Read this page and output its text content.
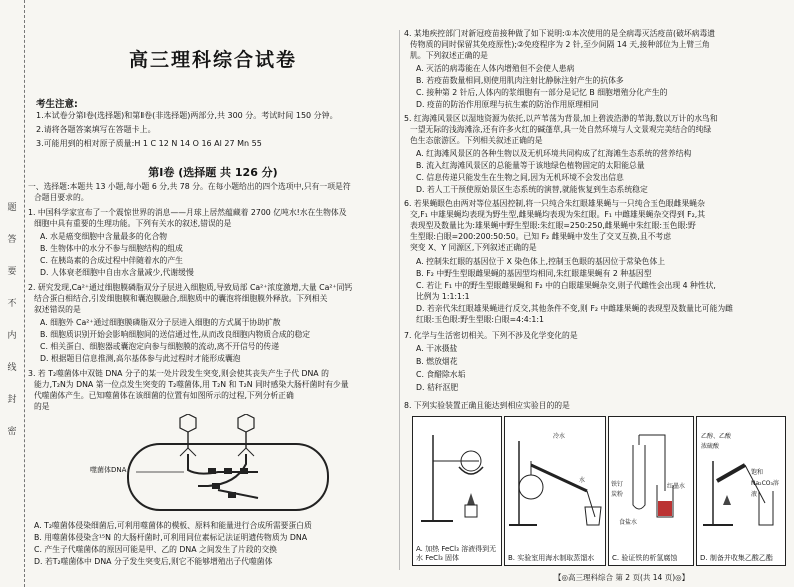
题
答
要
不
内
线
封
密
高三理科综合试卷
考生注意:
1.本试卷分第Ⅰ卷(选择题)和第Ⅱ卷(非选择题)两部分,共 300 分。考试时间 150 分钟。
2.请将各题答案填写在答题卡上。
3.可能用到的相对原子质量:H 1 C 12 N 14 O 16 Al 27 Mn 55
第Ⅰ卷 (选择题 共 126 分)
一、选择题:本题共 13 小题,每小题 6 分,共 78 分。在每小题给出的四个选项中,只有一项是符
合题目要求的。
1. 中国科学家宣布了一个震惊世界的消息——月球上居然蕴藏着 2700 亿吨水!水在生物体及
细胞中具有重要的生理功能。下列有关水的叙述,错误的是
A. 水是癌变细胞中含量最多的化合物
B. 生物体中的水分不参与细胞结构的组成
C. 在胰岛素的合成过程中伴随着水的产生
D. 人体衰老细胞中自由水含量减少,代谢缓慢
2. 研究发现,Ca²⁺通过细胞膜磷脂双分子层进入细胞质,导致局部 Ca²⁺浓度激增,大量 Ca²⁺同钙
结合蛋白相结合,引发细胞膜和囊泡膜融合,细胞质中的囊泡将细胞膜外释放。下列相关
叙述错误的是
A. 细胞外 Ca²⁺通过细胞膜磷脂双分子层进入细胞的方式属于协助扩散
B. 细胞质识别开始会影响细胞间的送信通过性,从而改良细胞内物质合成的稳定
C. 相关蛋白、细胞器或囊泡定向参与细胞膜的流动,离不开信号的传递
D. 根据题目信息推测,高尔基体参与此过程时才能形成囊泡
3. 若 T₂噬菌体中双链 DNA 分子的某一处片段发生突变,则会使其丧失产生子代 DNA 的
能力,T₂N为 DNA 第一位点发生突变的 T₂噬菌体,用 T₂N 和 T₂N 同时感染大肠杆菌时有少量
代噬菌体产生。已知噬菌体在该细菌的位置有如图所示的过程,下列分析正确
的是
噬菌体DNA
A. T₂噬菌体侵染细菌后,可利用噬菌体的模板、原料和能量进行合成所需要蛋白质
B. 用噬菌体侵染含¹⁵N 的大肠杆菌时,可利用同位素标记法证明遗传物质为 DNA
C. 产生子代噬菌体的原因可能是甲、乙的 DNA 之间发生了片段的交换
D. 若T₂噬菌体中 DNA 分子发生突变后,则它不能够增殖出子代噬菌体
4. 某地疾控部门对新冠疫苗接种做了如下说明:①本次使用的是全病毒灭活疫苗(破坏病毒遗
传物质的同时保留其免疫原性);②免疫程序为 2 针,至少间隔 14 天,接种部位为上臂三角
肌。下列叙述正确的是
A. 灭活的病毒能在人体内增殖但不会使人患病
B. 若疫苗数量相同,则使用肌肉注射比静脉注射产生的抗体多
C. 接种第 2 针后,人体内的浆细胞有一部分是记忆 B 细胞增殖分化产生的
D. 疫苗的防治作用原理与抗生素的防治作用原理相同
5. 红海滩风景区以湿地资源为依托,以芦苇荡为背景,加上碧波浩渺的苇海,数以万计的水鸟和
一望无际的浅海滩涂,还有许多火红的碱蓬草,具一处自然环境与人文景观完美结合的纯绿
色生态旅游区。下列相关叙述正确的是
A. 红海滩风景区的各种生物以及无机环境共同构成了红海滩生态系统的营养结构
B. 流入红海滩风景区的总能量等于该地绿色植物固定的太阳能总量
C. 信息传递只能发生在生物之间,因为无机环境不会发出信息
D. 若人工干预使原始景区生态系统的演替,就能恢复到生态系统稳定
6. 若果蝇眼色由两对等位基因控制,将一只纯合朱红眼雄果蝇与一只纯合玉色眼雌果蝇杂
交,F₁ 中雄果蝇均表现为野生型,雌果蝇均表现为朱红眼。F₁ 中雌雄果蝇杂交得到 F₂,其
表现型及数量比为:雄果蝇中野生型眼:朱红眼=250:250,雌果蝇中朱红眼:玉色眼:野
生型眼:白眼=200:200:50:50。已知 F₂ 雌果蝇中发生了交叉互换,且不考虑
突变 X、Y 同源区,下列叙述正确的是
A. 控制朱红眼的基因位于 X 染色体上,控制玉色眼的基因位于常染色体上
B. F₂ 中野生型眼雌果蝇的基因型均相同,朱红眼雄果蝇有 2 种基因型
C. 若让 F₁ 中的野生型眼雌果蝇和 F₂ 中的白眼雄果蝇杂交,则子代雌性会出现 4 种性状,
比例为 1:1:1:1
D. 若亲代朱红眼雄果蝇进行反交,其他条件不变,则 F₂ 中雌雄果蝇的表现型及数量比可能为雌
红眼:玉色眼:野生型眼:白眼=4:4:1:1
7. 化学与生活密切相关。下列不涉及化学变化的是
A. 干冰摄盐
B. 燃放烟花
C. 食醋除水垢
D. 秸秆沤肥
8. 下列实验装置正确且能达到相应实验目的的是
A. 加热 FeCl₃ 溶液得到无水 FeCl₃ 固体
冷水
水
B. 实验室用海水制取蒸馏水
铁钉
炭粉
红墨水
食盐水
C. 验证铁的析氢腐蚀
乙醇、乙酸
浓硫酸
饱和Na₂CO₃溶液
D. 制备并收集乙酸乙酯
【◎高三理科综合 第 2 页(共 14 页)◎】
